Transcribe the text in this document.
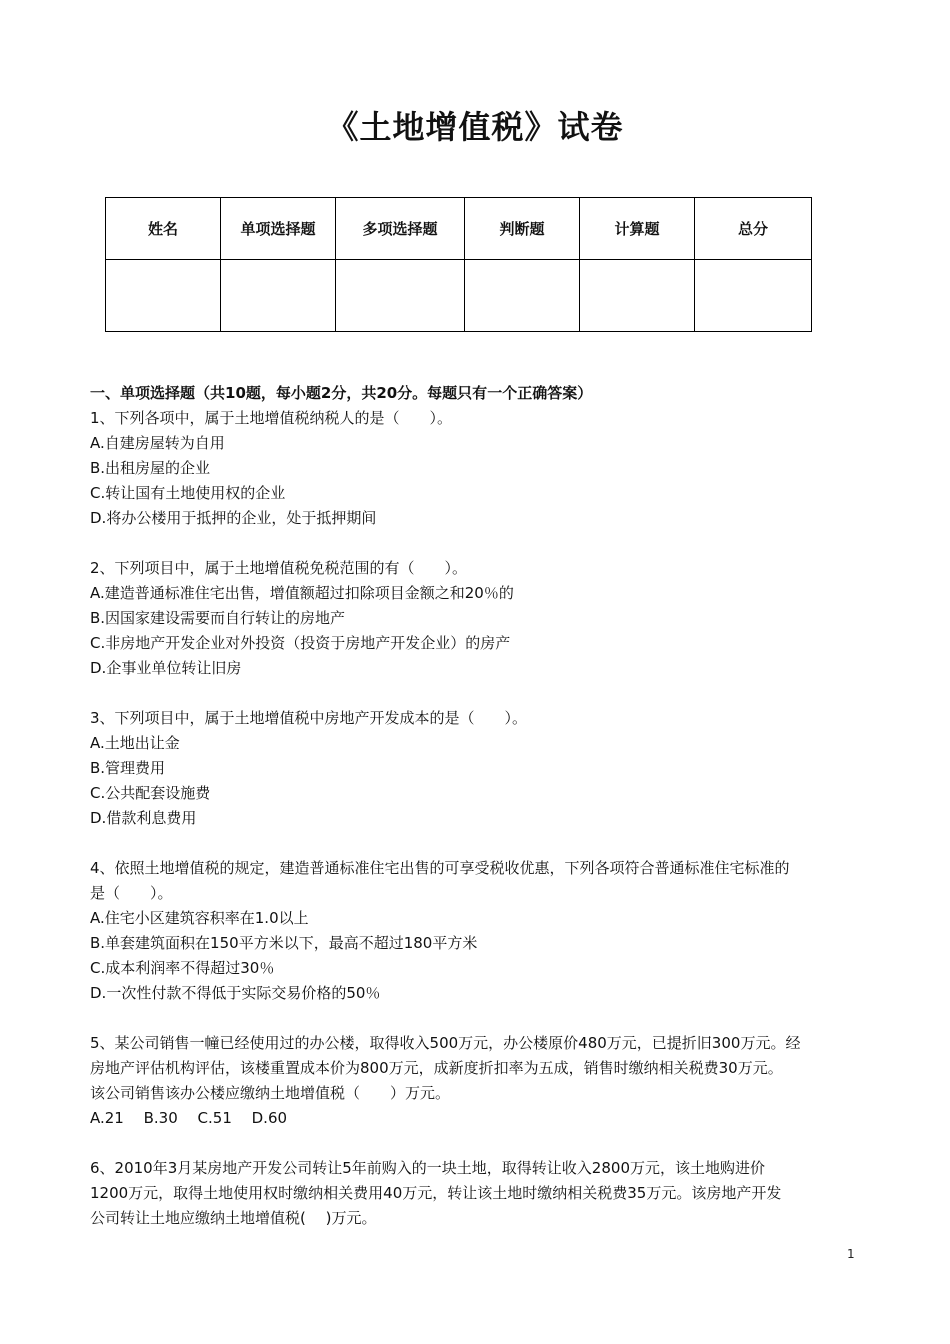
《土地增值税》试卷
姓名	单项选择题	多项选择题	判断题	计算题	总分

一、单项选择题（共10题，每小题2分，共20分。每题只有一个正确答案）
1、下列各项中，属于土地增值税纳税人的是（　　）。
A.自建房屋转为自用
B.出租房屋的企业
C.转让国有土地使用权的企业
D.将办公楼用于抵押的企业，处于抵押期间
2、下列项目中，属于土地增值税免税范围的有（　　）。
A.建造普通标准住宅出售，增值额超过扣除项目金额之和20％的
B.因国家建设需要而自行转让的房地产
C.非房地产开发企业对外投资（投资于房地产开发企业）的房产
D.企事业单位转让旧房
3、下列项目中，属于土地增值税中房地产开发成本的是（　　）。
A.土地出让金
B.管理费用
C.公共配套设施费
D.借款利息费用
4、依照土地增值税的规定，建造普通标准住宅出售的可享受税收优惠，下列各项符合普通标准住宅标准的
是（　　）。
A.住宅小区建筑容积率在1.0以上
B.单套建筑面积在150平方米以下，最高不超过180平方米
C.成本利润率不得超过30％
D.一次性付款不得低于实际交易价格的50％
5、某公司销售一幢已经使用过的办公楼，取得收入500万元，办公楼原价480万元，已提折旧300万元。经
房地产评估机构评估，该楼重置成本价为800万元，成新度折扣率为五成，销售时缴纳相关税费30万元。
该公司销售该办公楼应缴纳土地增值税（　　）万元。
A.21　 B.30　 C.51　 D.60
6、2010年3月某房地产开发公司转让5年前购入的一块土地，取得转让收入2800万元，该土地购进价
1200万元，取得土地使用权时缴纳相关费用40万元，转让该土地时缴纳相关税费35万元。该房地产开发
公司转让土地应缴纳土地增值税(　 )万元。
1
